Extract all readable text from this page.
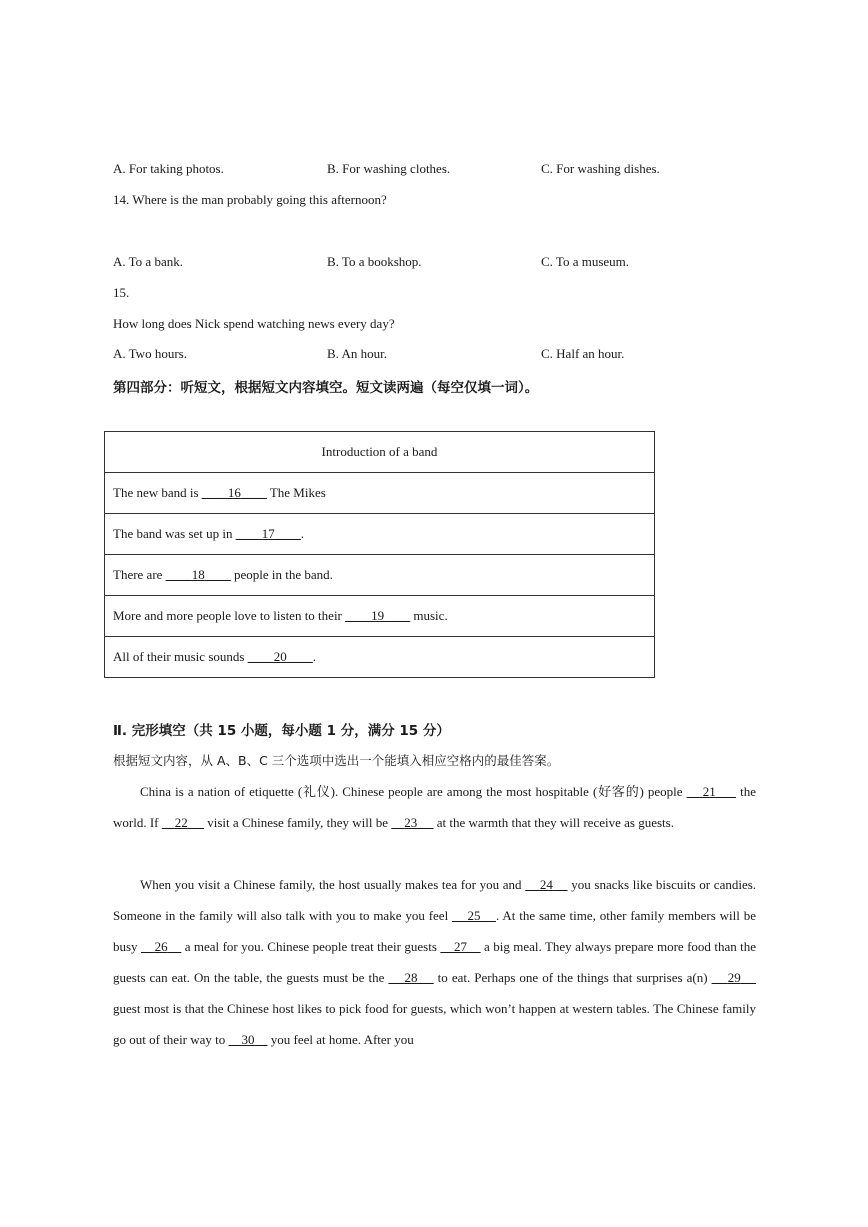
A. For taking photos.	B. For washing clothes.	C. For washing dishes.
14. Where is the man probably going this afternoon?
A. To a bank.	B. To a bookshop.	C. To a museum.
15.
How long does Nick spend watching news every day?
A. Two hours.	B. An hour.	C. Half an hour.
第四部分：听短文，根据短文内容填空。短文读两遍（每空仅填一词）。
Introduction of a band
The new band is ____16____ The Mikes
The band was set up in ____17____.
There are ____18____ people in the band.
More and more people love to listen to their ____19____ music.
All of their music sounds ____20____.
Ⅱ. 完形填空（共 15 小题，每小题 1 分，满分 15 分）
根据短文内容，从 A、B、C 三个选项中选出一个能填入相应空格内的最佳答案。

China is a nation of etiquette (礼仪). Chinese people are among the most hospitable (好客的) people     21      the world. If     22      visit a Chinese family, they will be     23      at the warmth that they will receive as guests.

When you visit a Chinese family, the host usually makes tea for you and     24     you snacks like biscuits or candies. Someone in the family will also talk with you to make you feel     25 . At the same time, other family members will be busy     26     a meal for you. Chinese people treat their guests     27     a big meal. They always prepare more food than the guests can eat. On the table, the guests must be the     28     to eat. Perhaps one of the things that surprises a(n)     29     guest most is that the Chinese host likes to pick food for guests, which won’t happen at western tables. The Chinese family go out of their way to     30     you feel at home. After you
